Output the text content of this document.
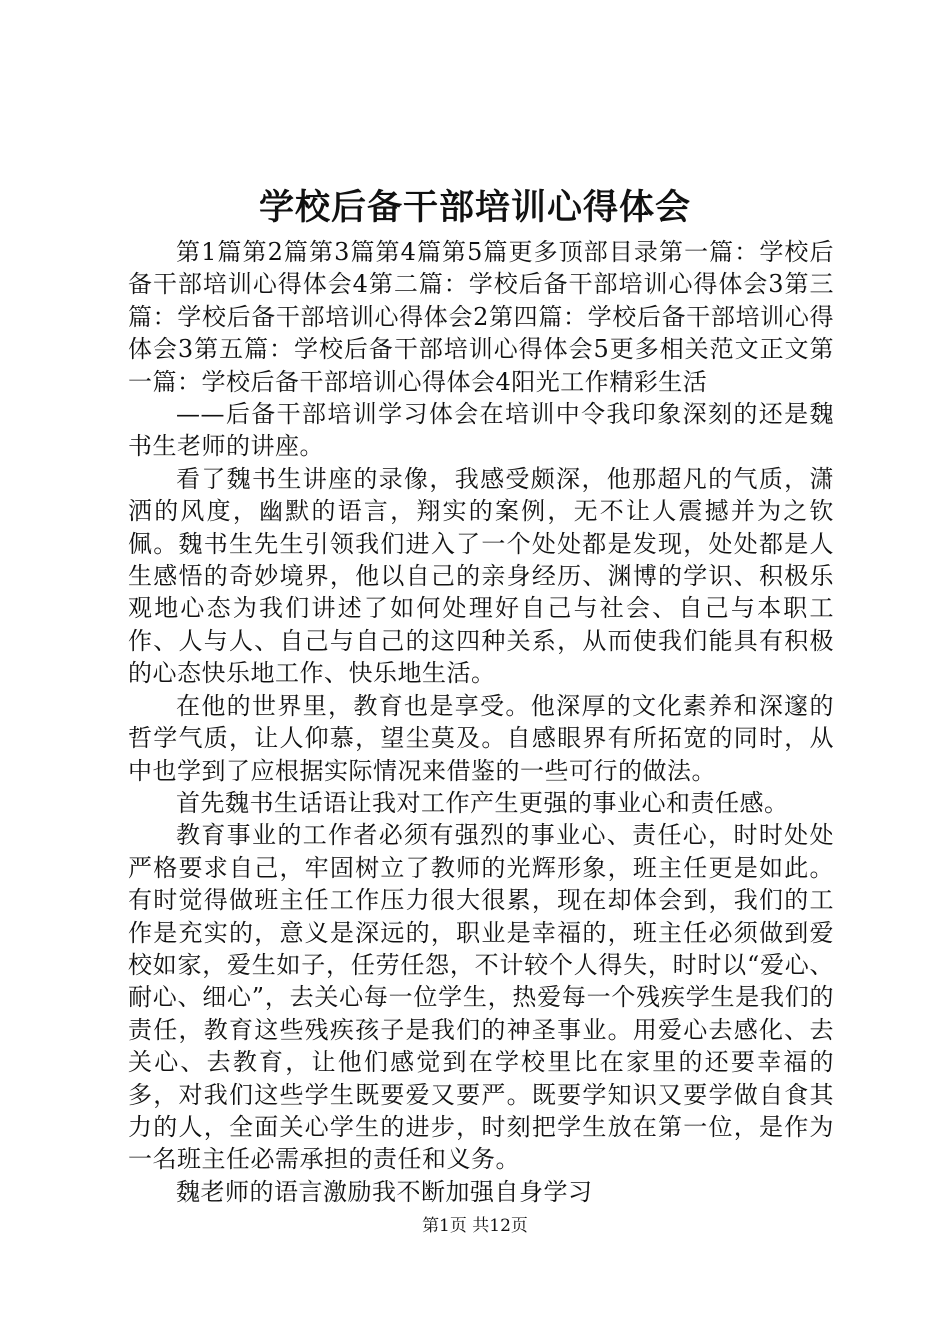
学校后备干部培训心得体会

第1篇第2篇第3篇第4篇第5篇更多顶部目录第一篇：学校后备干部培训心得体会4第二篇：学校后备干部培训心得体会3第三篇：学校后备干部培训心得体会2第四篇：学校后备干部培训心得体会3第五篇：学校后备干部培训心得体会5更多相关范文正文第一篇：学校后备干部培训心得体会4阳光工作精彩生活

——后备干部培训学习体会在培训中令我印象深刻的还是魏书生老师的讲座。

看了魏书生讲座的录像，我感受颇深，他那超凡的气质，潇洒的风度，幽默的语言，翔实的案例，无不让人震撼并为之钦佩。魏书生先生引领我们进入了一个处处都是发现，处处都是人生感悟的奇妙境界，他以自己的亲身经历、渊博的学识、积极乐观地心态为我们讲述了如何处理好自己与社会、自己与本职工作、人与人、自己与自己的这四种关系，从而使我们能具有积极的心态快乐地工作、快乐地生活。

在他的世界里，教育也是享受。他深厚的文化素养和深邃的哲学气质，让人仰慕，望尘莫及。自感眼界有所拓宽的同时，从中也学到了应根据实际情况来借鉴的一些可行的做法。

首先魏书生话语让我对工作产生更强的事业心和责任感。

教育事业的工作者必须有强烈的事业心、责任心，时时处处严格要求自己，牢固树立了教师的光辉形象，班主任更是如此。有时觉得做班主任工作压力很大很累，现在却体会到，我们的工作是充实的，意义是深远的，职业是幸福的，班主任必须做到爱校如家，爱生如子，任劳任怨，不计较个人得失，时时以“爱心、耐心、细心”，去关心每一位学生，热爱每一个残疾学生是我们的责任，教育这些残疾孩子是我们的神圣事业。用爱心去感化、去关心、去教育，让他们感觉到在学校里比在家里的还要幸福的多，对我们这些学生既要爱又要严。既要学知识又要学做自食其力的人，全面关心学生的进步，时刻把学生放在第一位，是作为一名班主任必需承担的责任和义务。

魏老师的语言激励我不断加强自身学习

第1页 共12页
